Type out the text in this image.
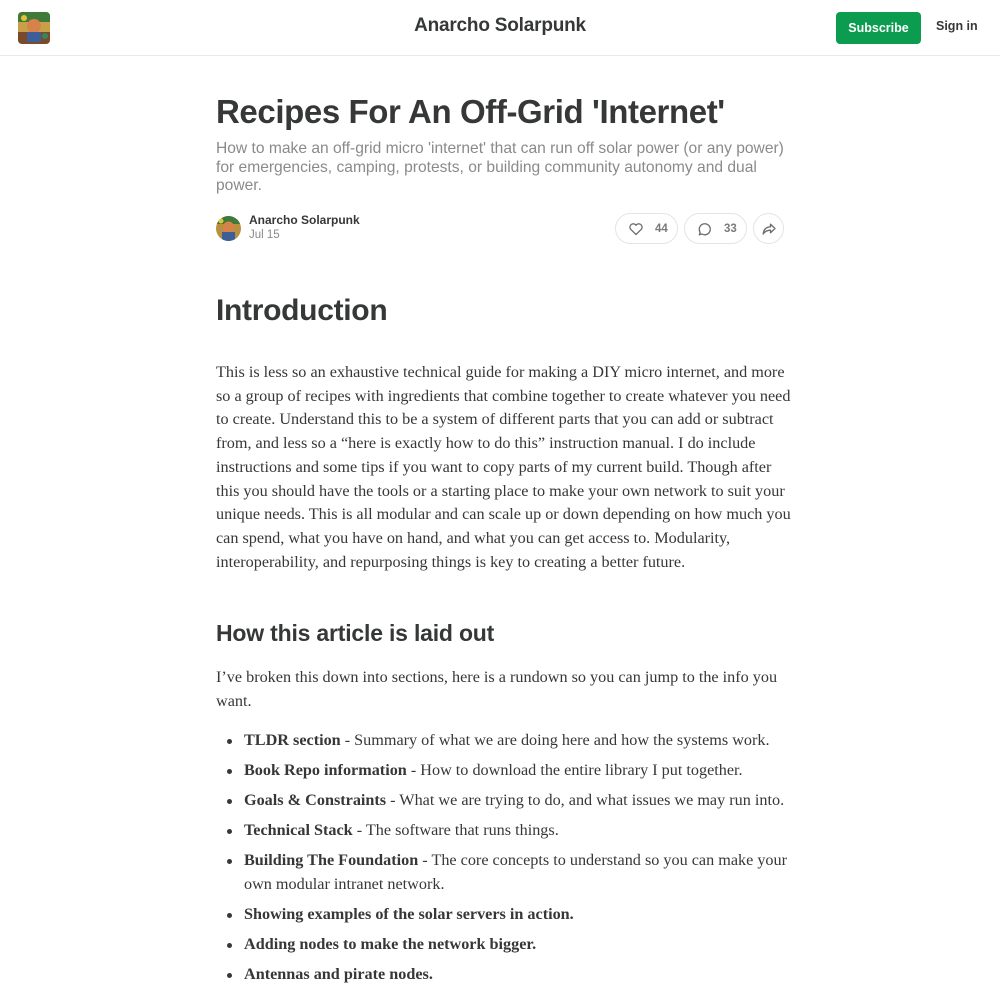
Anarcho Solarpunk	Subscribe	Sign in
Recipes For An Off-Grid 'Internet'
How to make an off-grid micro 'internet' that can run off solar power (or any power) for emergencies, camping, protests, or building community autonomy and dual power.
Anarcho Solarpunk
Jul 15
44	33
Introduction

This is less so an exhaustive technical guide for making a DIY micro internet, and more so a group of recipes with ingredients that combine together to create whatever you need to create. Understand this to be a system of different parts that you can add or subtract from, and less so a “here is exactly how to do this” instruction manual. I do include instructions and some tips if you want to copy parts of my current build. Though after this you should have the tools or a starting place to make your own network to suit your unique needs. This is all modular and can scale up or down depending on how much you can spend, what you have on hand, and what you can get access to. Modularity, interoperability, and repurposing things is key to creating a better future.

How this article is laid out

I’ve broken this down into sections, here is a rundown so you can jump to the info you want.

TLDR section - Summary of what we are doing here and how the systems work.
Book Repo information - How to download the entire library I put together.
Goals & Constraints - What we are trying to do, and what issues we may run into.
Technical Stack - The software that runs things.
Building The Foundation - The core concepts to understand so you can make your own modular intranet network.
Showing examples of the solar servers in action.
Adding nodes to make the network bigger.
Antennas and pirate nodes.
